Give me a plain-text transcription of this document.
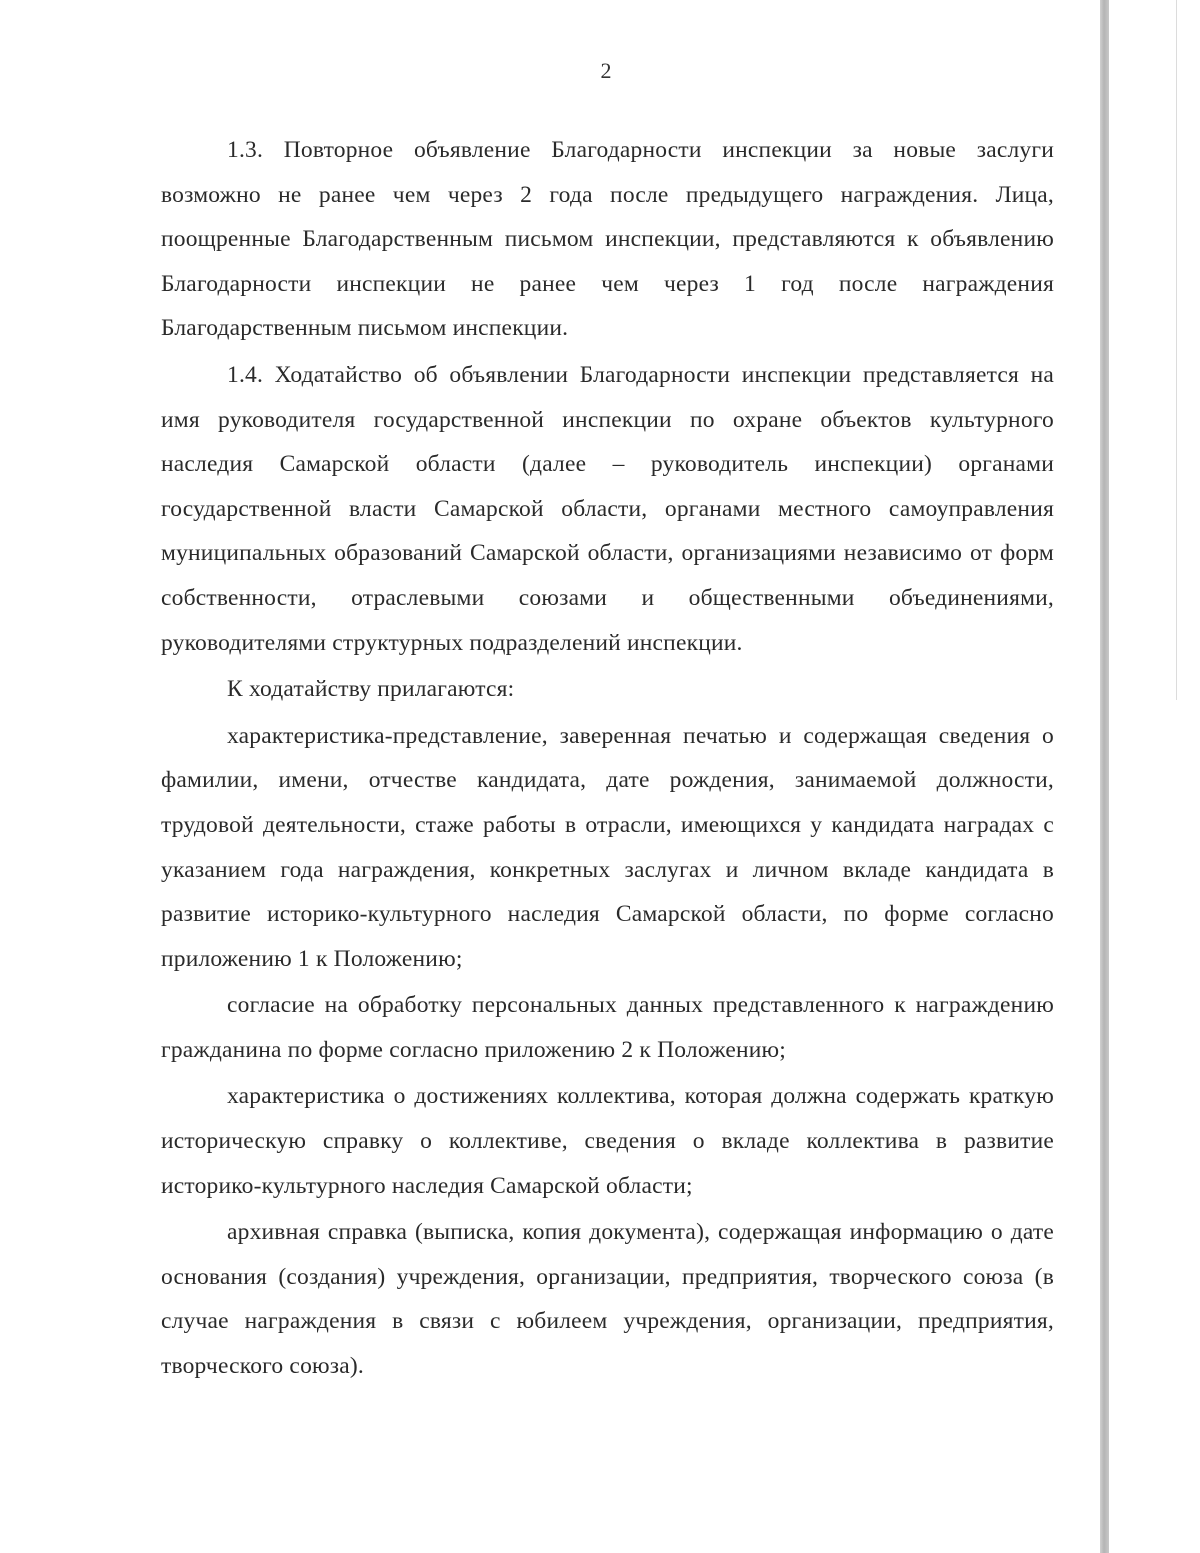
2

1.3. Повторное объявление Благодарности инспекции за новые заслуги возможно не ранее чем через 2 года после предыдущего награждения. Лица, поощренные Благодарственным письмом инспекции, представляются к объявлению Благодарности инспекции не ранее чем через 1 год после награждения Благодарственным письмом инспекции.

1.4. Ходатайство об объявлении Благодарности инспекции представляется на имя руководителя государственной инспекции по охране объектов культурного наследия Самарской области (далее – руководитель инспекции) органами государственной власти Самарской области, органами местного самоуправления муниципальных образований Самарской области, организациями независимо от форм собственности, отраслевыми союзами и общественными объединениями, руководителями структурных подразделений инспекции.

К ходатайству прилагаются:

характеристика-представление, заверенная печатью и содержащая сведения о фамилии, имени, отчестве кандидата, дате рождения, занимаемой должности, трудовой деятельности, стаже работы в отрасли, имеющихся у кандидата наградах с указанием года награждения, конкретных заслугах и личном вкладе кандидата в развитие историко-культурного наследия Самарской области, по форме согласно приложению 1 к Положению;

согласие на обработку персональных данных представленного к награждению гражданина по форме согласно приложению 2 к Положению;

характеристика о достижениях коллектива, которая должна содержать краткую историческую справку о коллективе, сведения о вкладе коллектива в развитие историко-культурного наследия Самарской области;

архивная справка (выписка, копия документа), содержащая информацию о дате основания (создания) учреждения, организации, предприятия, творческого союза (в случае награждения в связи с юбилеем учреждения, организации, предприятия, творческого союза).
